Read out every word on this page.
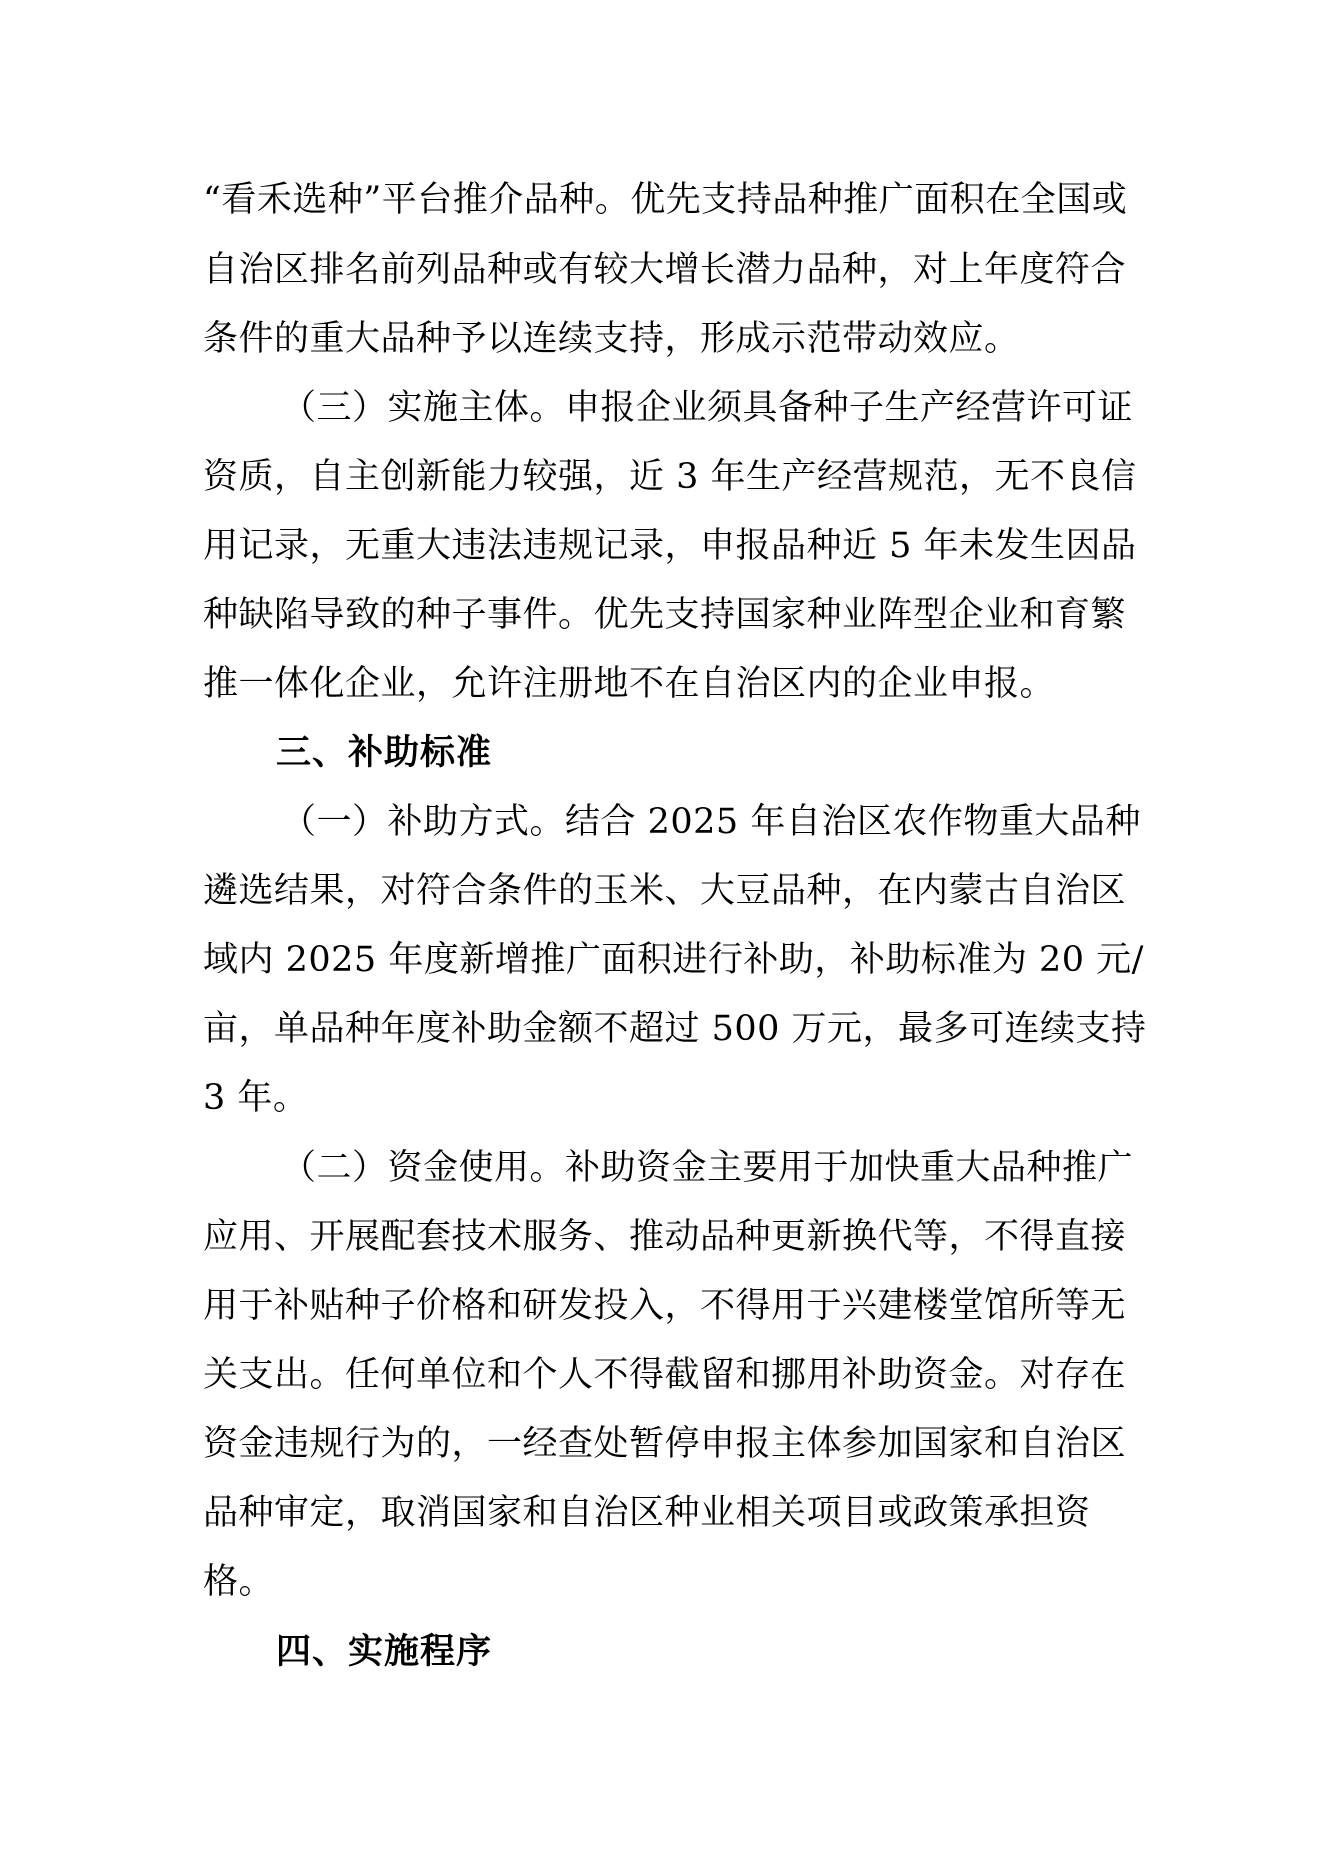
“看禾选种”平台推介品种。优先支持品种推广面积在全国或
自治区排名前列品种或有较大增长潜力品种，对上年度符合
条件的重大品种予以连续支持，形成示范带动效应。
（三）实施主体。申报企业须具备种子生产经营许可证
资质，自主创新能力较强，近 3 年生产经营规范，无不良信
用记录，无重大违法违规记录，申报品种近 5 年未发生因品
种缺陷导致的种子事件。优先支持国家种业阵型企业和育繁
推一体化企业，允许注册地不在自治区内的企业申报。
三、补助标准
（一）补助方式。结合 2025 年自治区农作物重大品种
遴选结果，对符合条件的玉米、大豆品种，在内蒙古自治区
域内 2025 年度新增推广面积进行补助，补助标准为 20 元/
亩，单品种年度补助金额不超过 500 万元，最多可连续支持
3 年。
（二）资金使用。补助资金主要用于加快重大品种推广
应用、开展配套技术服务、推动品种更新换代等，不得直接
用于补贴种子价格和研发投入，不得用于兴建楼堂馆所等无
关支出。任何单位和个人不得截留和挪用补助资金。对存在
资金违规行为的，一经查处暂停申报主体参加国家和自治区
品种审定，取消国家和自治区种业相关项目或政策承担资
格。
四、实施程序
